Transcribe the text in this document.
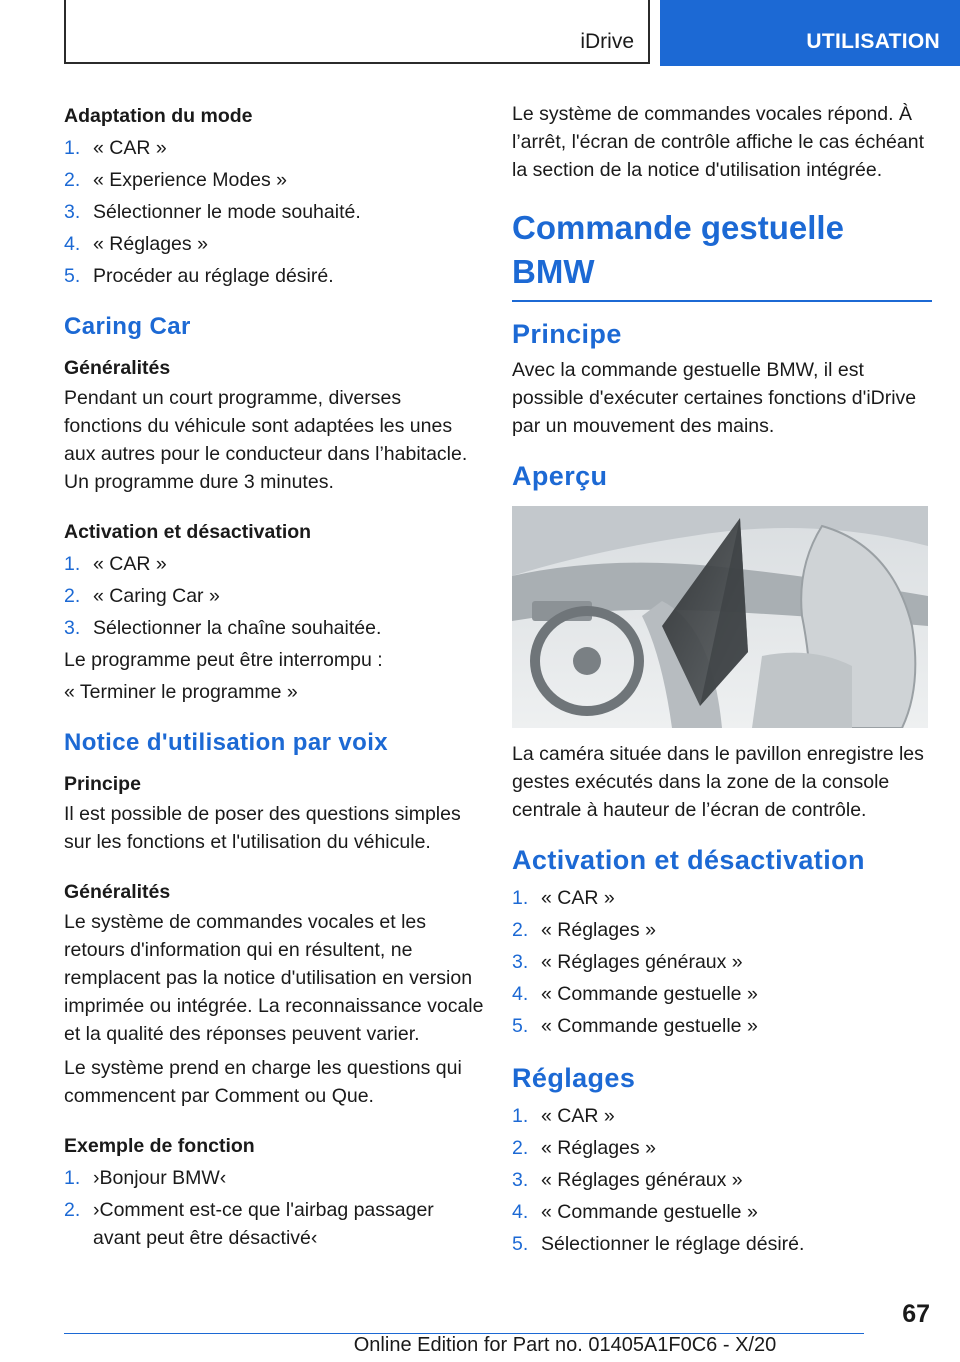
iDrive	UTILISATION
Adaptation du mode
1. « CAR »
2. « Experience Modes »
3. Sélectionner le mode souhaité.
4. « Réglages »
5. Procéder au réglage désiré.
Caring Car
Généralités
Pendant un court programme, diverses fonctions du véhicule sont adaptées les unes aux autres pour le conducteur dans l’habitacle. Un programme dure 3 minutes.
Activation et désactivation
1. « CAR »
2. « Caring Car »
3. Sélectionner la chaîne souhaitée.
Le programme peut être interrompu :
« Terminer le programme »
Notice d'utilisation par voix
Principe
Il est possible de poser des questions simples sur les fonctions et l'utilisation du véhicule.
Généralités
Le système de commandes vocales et les retours d'information qui en résultent, ne remplacent pas la notice d'utilisation en version imprimée ou intégrée. La reconnaissance vocale et la qualité des réponses peuvent varier.
Le système prend en charge les questions qui commencent par Comment ou Que.
Exemple de fonction
1. ›Bonjour BMW‹
2. ›Comment est-ce que l'airbag passager avant peut être désactivé‹
Le système de commandes vocales répond. À l’arrêt, l'écran de contrôle affiche le cas échéant la section de la notice d'utilisation intégrée.
Commande gestuelle BMW
Principe
Avec la commande gestuelle BMW, il est possible d'exécuter certaines fonctions d'iDrive par un mouvement des mains.
Aperçu
La caméra située dans le pavillon enregistre les gestes exécutés dans la zone de la console centrale à hauteur de l’écran de contrôle.
Activation et désactivation
1. « CAR »
2. « Réglages »
3. « Réglages généraux »
4. « Commande gestuelle »
5. « Commande gestuelle »
Réglages
1. « CAR »
2. « Réglages »
3. « Réglages généraux »
4. « Commande gestuelle »
5. Sélectionner le réglage désiré.
67
Online Edition for Part no. 01405A1F0C6 - X/20
